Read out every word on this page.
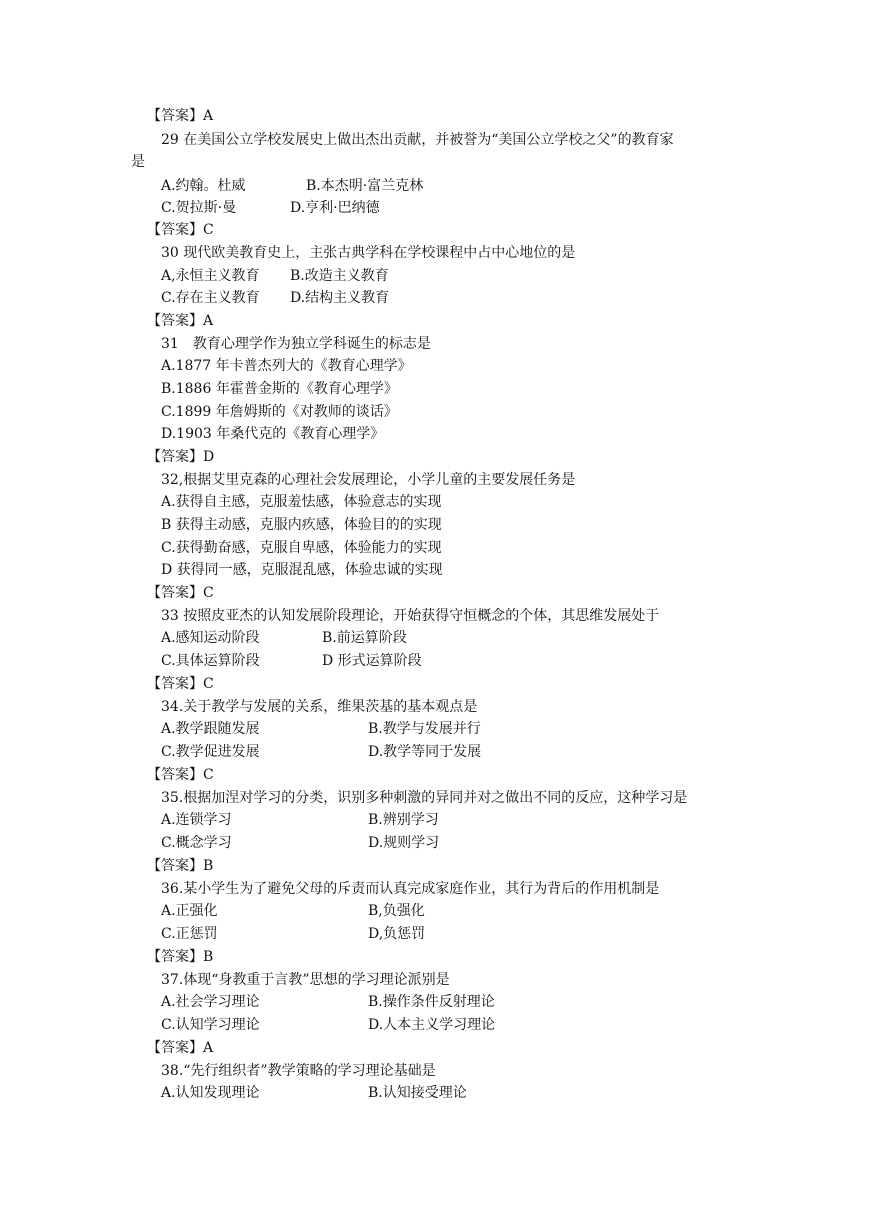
【答案】A
29 在美国公立学校发展史上做出杰出贡献，并被誉为“美国公立学校之父”的教育家
是
A.约翰。杜威	B.本杰明·富兰克林
C.贺拉斯·曼	D.亨利·巴纳德
【答案】C
30 现代欧美教育史上，主张古典学科在学校课程中占中心地位的是
A,永恒主义教育 B.改造主义教育
C.存在主义教育 D.结构主义教育
【答案】A
31　教育心理学作为独立学科诞生的标志是
A.1877 年卡普杰列大的《教育心理学》
B.1886 年霍普金斯的《教育心理学》
C.1899 年詹姆斯的《对教师的谈话》
D.1903 年桑代克的《教育心理学》
【答案】D
32,根据艾里克森的心理社会发展理论，小学儿童的主要发展任务是
A.获得自主感，克服羞怯感，体验意志的实现
B 获得主动感，克服内疚感，体验目的的实现
C.获得勤奋感，克服自卑感，体验能力的实现
D 获得同一感，克服混乱感，体验忠诚的实现
【答案】C
33 按照皮亚杰的认知发展阶段理论，开始获得守恒概念的个体，其思维发展处于
A.感知运动阶段	B.前运算阶段
C.具体运算阶段	D 形式运算阶段
【答案】C
34.关于教学与发展的关系，维果茨基的基本观点是
A.教学跟随发展	B.教学与发展并行
C.教学促进发展	D.教学等同于发展
【答案】C
35.根据加涅对学习的分类，识别多种刺激的异同并对之做出不同的反应，这种学习是
A.连锁学习	B.辨别学习
C.概念学习	D.规则学习
【答案】B
36.某小学生为了避免父母的斥责而认真完成家庭作业，其行为背后的作用机制是
A.正强化	B,负强化
C.正惩罚	D,负惩罚
【答案】B
37.体现“身教重于言教”思想的学习理论派别是
A.社会学习理论	B.操作条件反射理论
C.认知学习理论	D.人本主义学习理论
【答案】A
38.“先行组织者”教学策略的学习理论基础是
A.认知发现理论	B.认知接受理论
